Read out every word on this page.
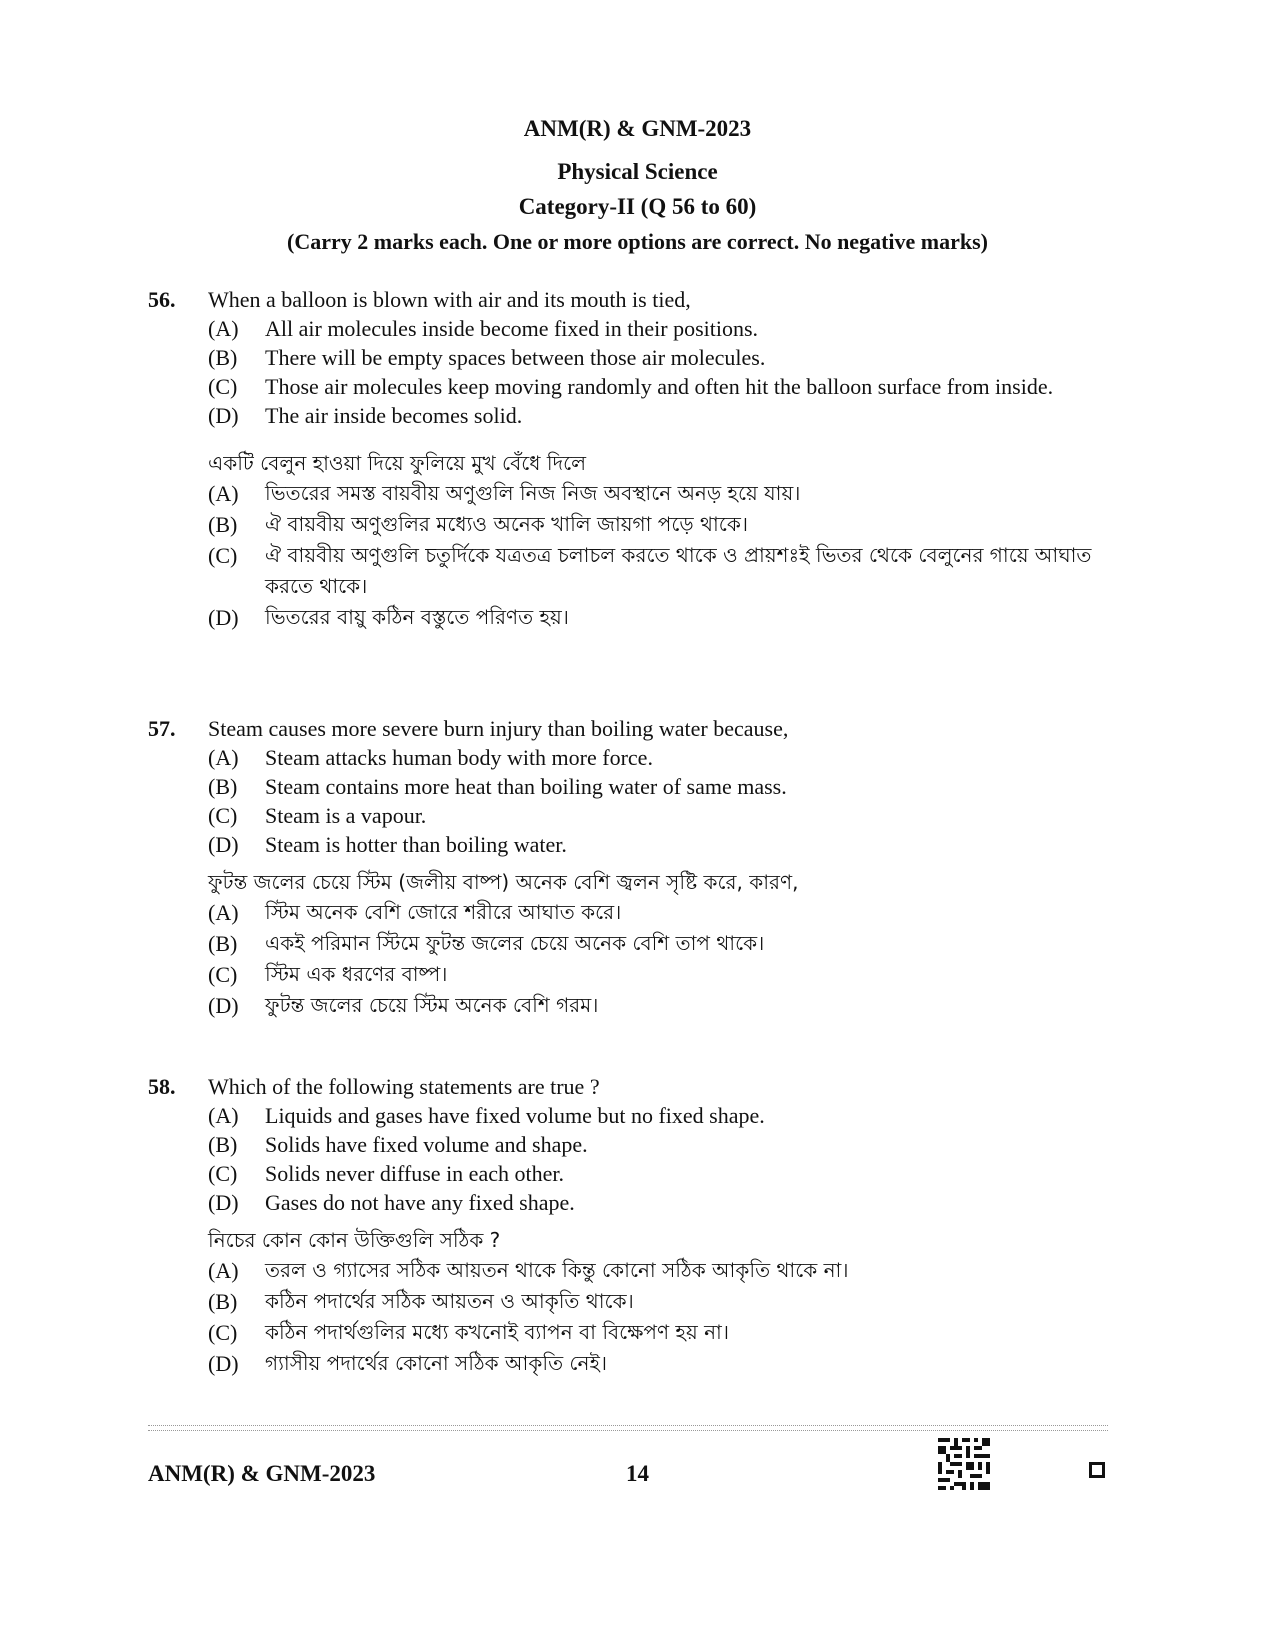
ANM(R) & GNM-2023
Physical Science
Category-II (Q 56 to 60)
(Carry 2 marks each. One or more options are correct. No negative marks)
56. When a balloon is blown with air and its mouth is tied,
(A) All air molecules inside become fixed in their positions.
(B) There will be empty spaces between those air molecules.
(C) Those air molecules keep moving randomly and often hit the balloon surface from inside.
(D) The air inside becomes solid.
একটি বেলুন হাওয়া দিয়ে ফুলিয়ে মুখ বেঁধে দিলে
(A) ভিতরের সমস্ত বায়বীয় অণুগুলি নিজ নিজ অবস্থানে অনড় হয়ে যায়।
(B) ঐ বায়বীয় অণুগুলির মধ্যেও অনেক খালি জায়গা পড়ে থাকে।
(C) ঐ বায়বীয় অণুগুলি চতুর্দিকে যত্রতত্র চলাচল করতে থাকে ও প্রায়শঃই ভিতর থেকে বেলুনের গায়ে আঘাত করতে থাকে।
(D) ভিতরের বায়ু কঠিন বস্তুতে পরিণত হয়।
57. Steam causes more severe burn injury than boiling water because,
(A) Steam attacks human body with more force.
(B) Steam contains more heat than boiling water of same mass.
(C) Steam is a vapour.
(D) Steam is hotter than boiling water.
ফুটন্ত জলের চেয়ে স্টিম (জলীয় বাষ্প) অনেক বেশি জ্বলন সৃষ্টি করে, কারণ,
(A) স্টিম অনেক বেশি জোরে শরীরে আঘাত করে।
(B) একই পরিমান স্টিমে ফুটন্ত জলের চেয়ে অনেক বেশি তাপ থাকে।
(C) স্টিম এক ধরণের বাষ্প।
(D) ফুটন্ত জলের চেয়ে স্টিম অনেক বেশি গরম।
58. Which of the following statements are true ?
(A) Liquids and gases have fixed volume but no fixed shape.
(B) Solids have fixed volume and shape.
(C) Solids never diffuse in each other.
(D) Gases do not have any fixed shape.
নিচের কোন কোন উক্তিগুলি সঠিক ?
(A) তরল ও গ্যাসের সঠিক আয়তন থাকে কিন্তু কোনো সঠিক আকৃতি থাকে না।
(B) কঠিন পদার্থের সঠিক আয়তন ও আকৃতি থাকে।
(C) কঠিন পদার্থগুলির মধ্যে কখনোই ব্যাপন বা বিক্ষেপণ হয় না।
(D) গ্যাসীয় পদার্থের কোনো সঠিক আকৃতি নেই।
ANM(R) & GNM-2023	14
